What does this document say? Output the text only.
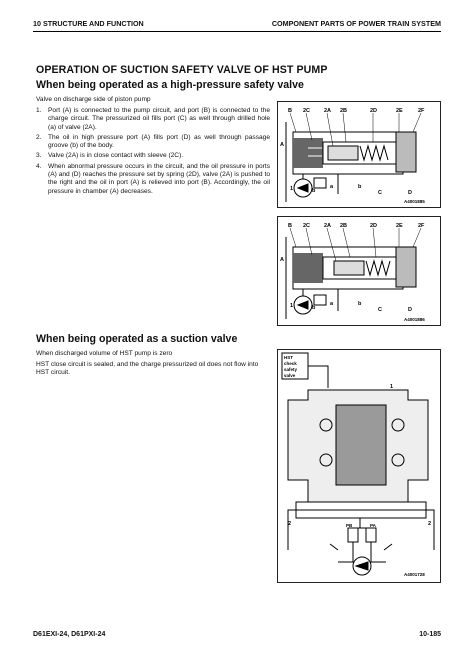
10 STRUCTURE AND FUNCTION	COMPONENT PARTS OF POWER TRAIN SYSTEM
OPERATION OF SUCTION SAFETY VALVE OF HST PUMP
When being operated as a high-pressure safety valve
Valve on discharge side of piston pump
1. Port (A) is connected to the pump circuit, and port (B) is connected to the charge circuit. The pressurized oil fills port (C) as well through drilled hole (a) of valve (2A).
2. The oil in high pressure port (A) fills port (D) as well through passage groove (b) of the body.
3. Valve (2A) is in close contact with sleeve (2C).
4. When abnormal pressure occurs in the circuit, and the oil pressure in ports (A) and (D) reaches the pressure set by spring (2D), valve (2A) is pushed to the right and the oil in port (A) is relieved into port (B). Accordingly, the oil pressure in chamber (A) decreases.
When being operated as a suction valve
When discharged volume of HST pump is zero
HST close circuit is sealed, and the charge pressurized oil does not flow into HST circuit.
B 2C	2A 2B	2D	2E	2F
A
1	b
a	b
C	D
A4001885
B 2C	2A 2B	2D	2E	2F
A
1	b
a	b
C	D
A4001886
HST
check
safety
valve
1
2	PB	PA	2
A4001728
D61EXI-24, D61PXI-24	10-185
